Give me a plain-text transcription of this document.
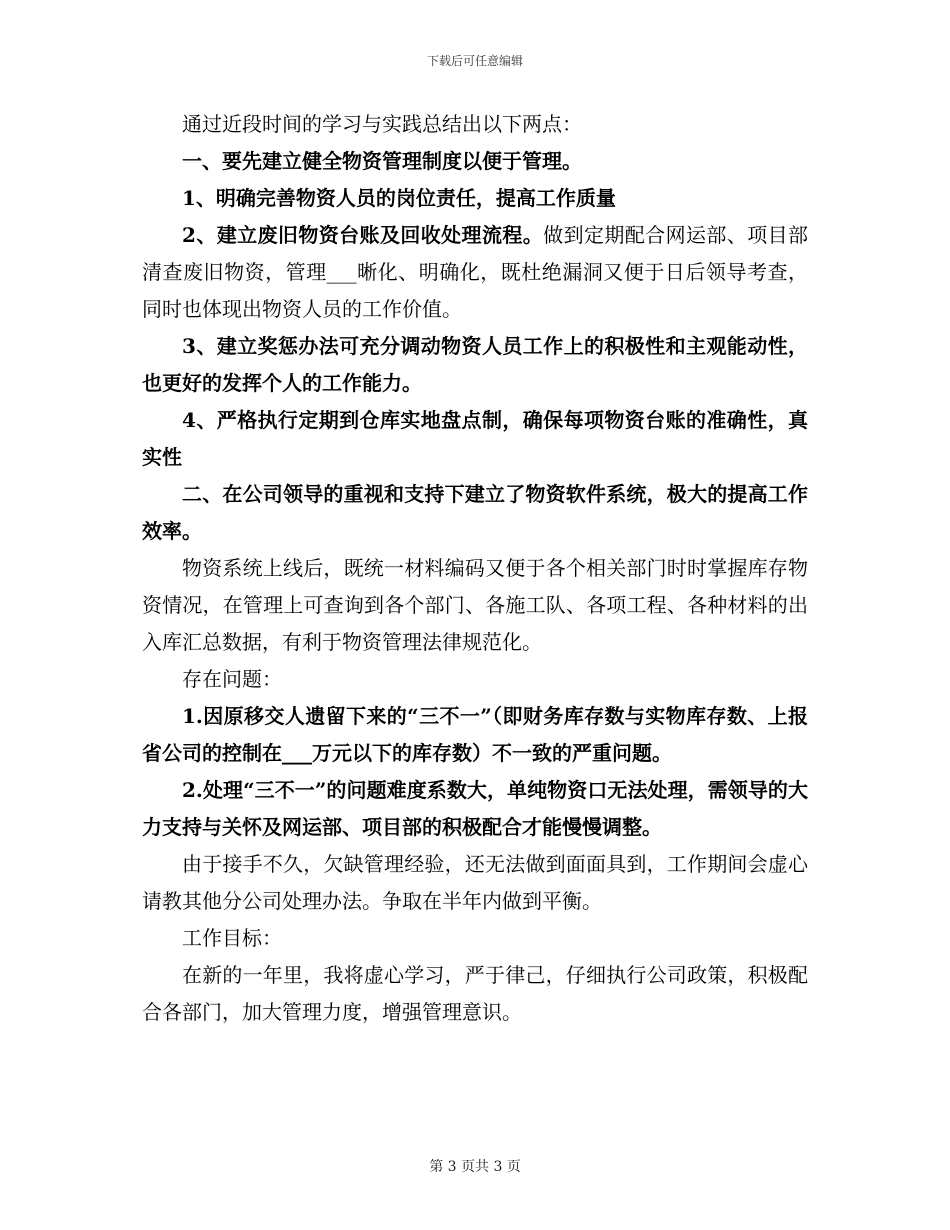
下载后可任意编辑

通过近段时间的学习与实践总结出以下两点：

一、要先建立健全物资管理制度以便于管理。

1、明确完善物资人员的岗位责任，提高工作质量

2、建立废旧物资台账及回收处理流程。做到定期配合网运部、项目部清查废旧物资，管理___晰化、明确化，既杜绝漏洞又便于日后领导考查，同时也体现出物资人员的工作价值。

3、建立奖惩办法可充分调动物资人员工作上的积极性和主观能动性，也更好的发挥个人的工作能力。

4、严格执行定期到仓库实地盘点制，确保每项物资台账的准确性，真实性

二、在公司领导的重视和支持下建立了物资软件系统，极大的提高工作效率。

物资系统上线后，既统一材料编码又便于各个相关部门时时掌握库存物资情况，在管理上可查询到各个部门、各施工队、各项工程、各种材料的出入库汇总数据，有利于物资管理法律规范化。

存在问题：

1.因原移交人遗留下来的“三不一”（即财务库存数与实物库存数、上报省公司的控制在___万元以下的库存数）不一致的严重问题。

2.处理“三不一”的问题难度系数大，单纯物资口无法处理，需领导的大力支持与关怀及网运部、项目部的积极配合才能慢慢调整。

由于接手不久，欠缺管理经验，还无法做到面面具到，工作期间会虚心请教其他分公司处理办法。争取在半年内做到平衡。

工作目标：

在新的一年里，我将虚心学习，严于律己，仔细执行公司政策，积极配合各部门，加大管理力度，增强管理意识。

第 3 页共 3 页
